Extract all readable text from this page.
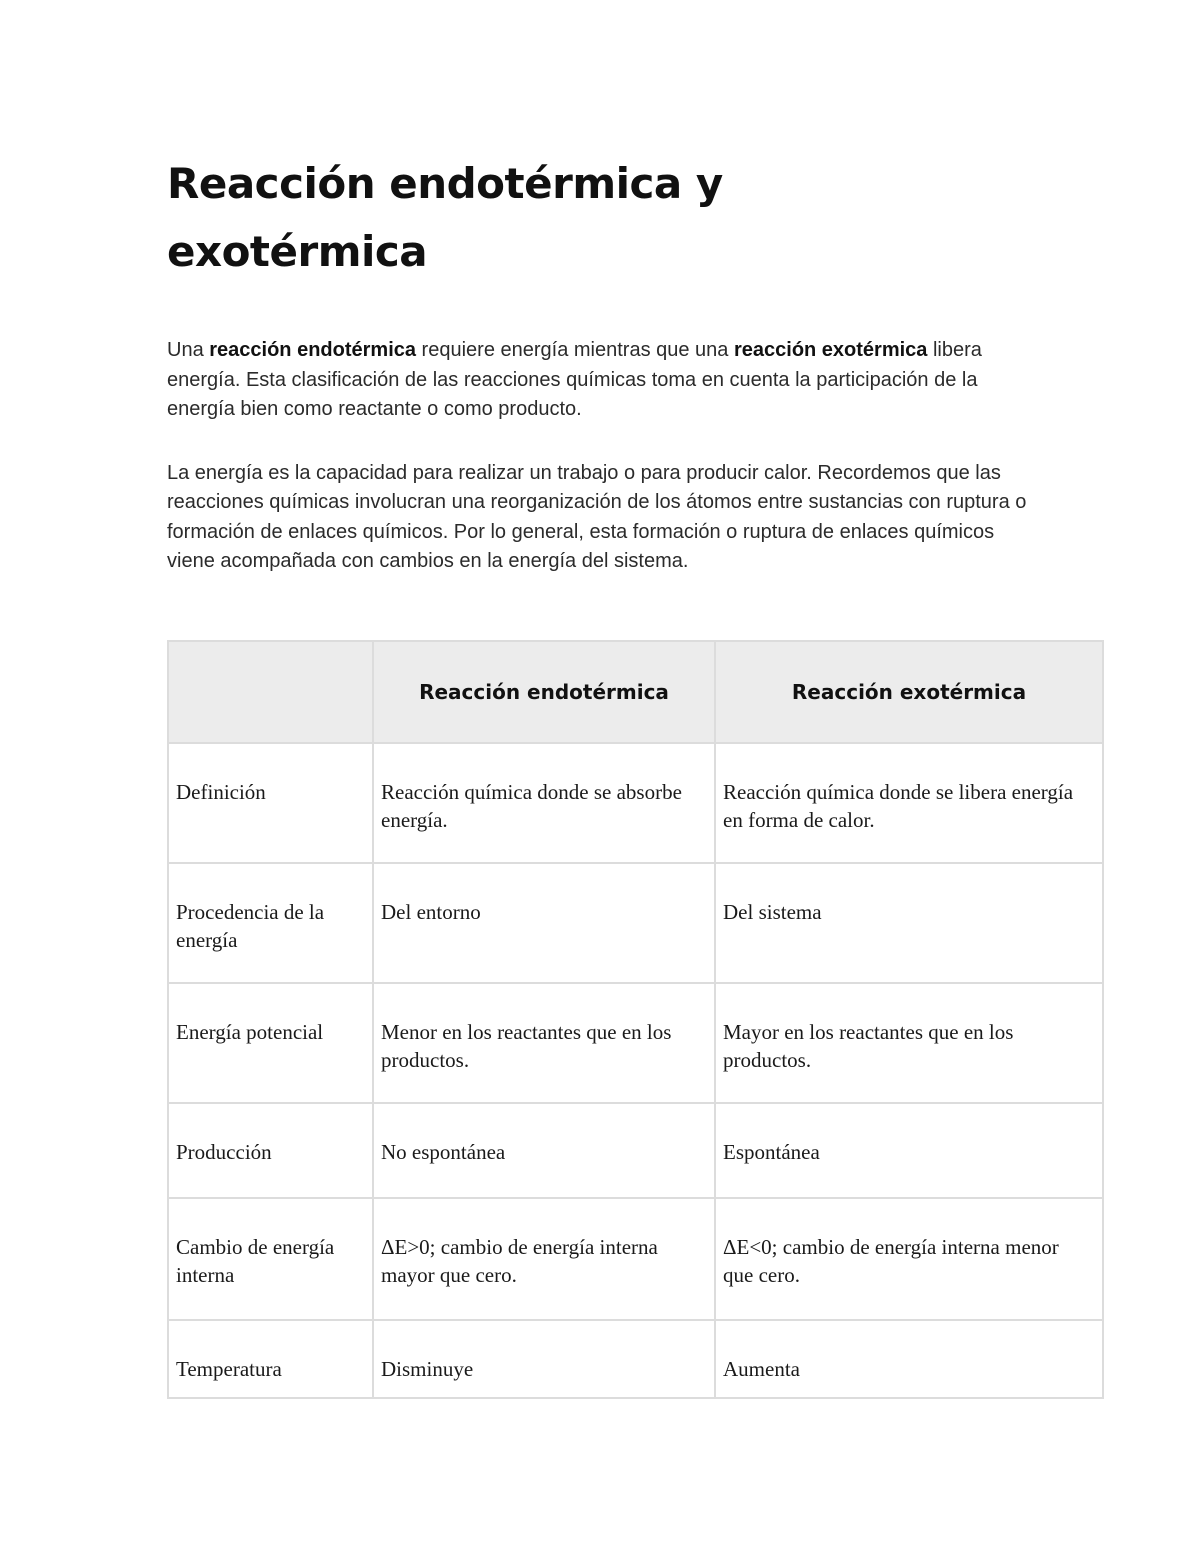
Reacción endotérmica y exotérmica

Una reacción endotérmica requiere energía mientras que una reacción exotérmica libera energía. Esta clasificación de las reacciones químicas toma en cuenta la participación de la energía bien como reactante o como producto.

La energía es la capacidad para realizar un trabajo o para producir calor. Recordemos que las reacciones químicas involucran una reorganización de los átomos entre sustancias con ruptura o formación de enlaces químicos. Por lo general, esta formación o ruptura de enlaces químicos viene acompañada con cambios en la energía del sistema.

	Reacción endotérmica	Reacción exotérmica
Definición	Reacción química donde se absorbe energía.	Reacción química donde se libera energía en forma de calor.
Procedencia de la energía	Del entorno	Del sistema
Energía potencial	Menor en los reactantes que en los productos.	Mayor en los reactantes que en los productos.
Producción	No espontánea	Espontánea
Cambio de energía interna	ΔE>0; cambio de energía interna mayor que cero.	ΔE<0; cambio de energía interna menor que cero.
Temperatura	Disminuye	Aumenta
